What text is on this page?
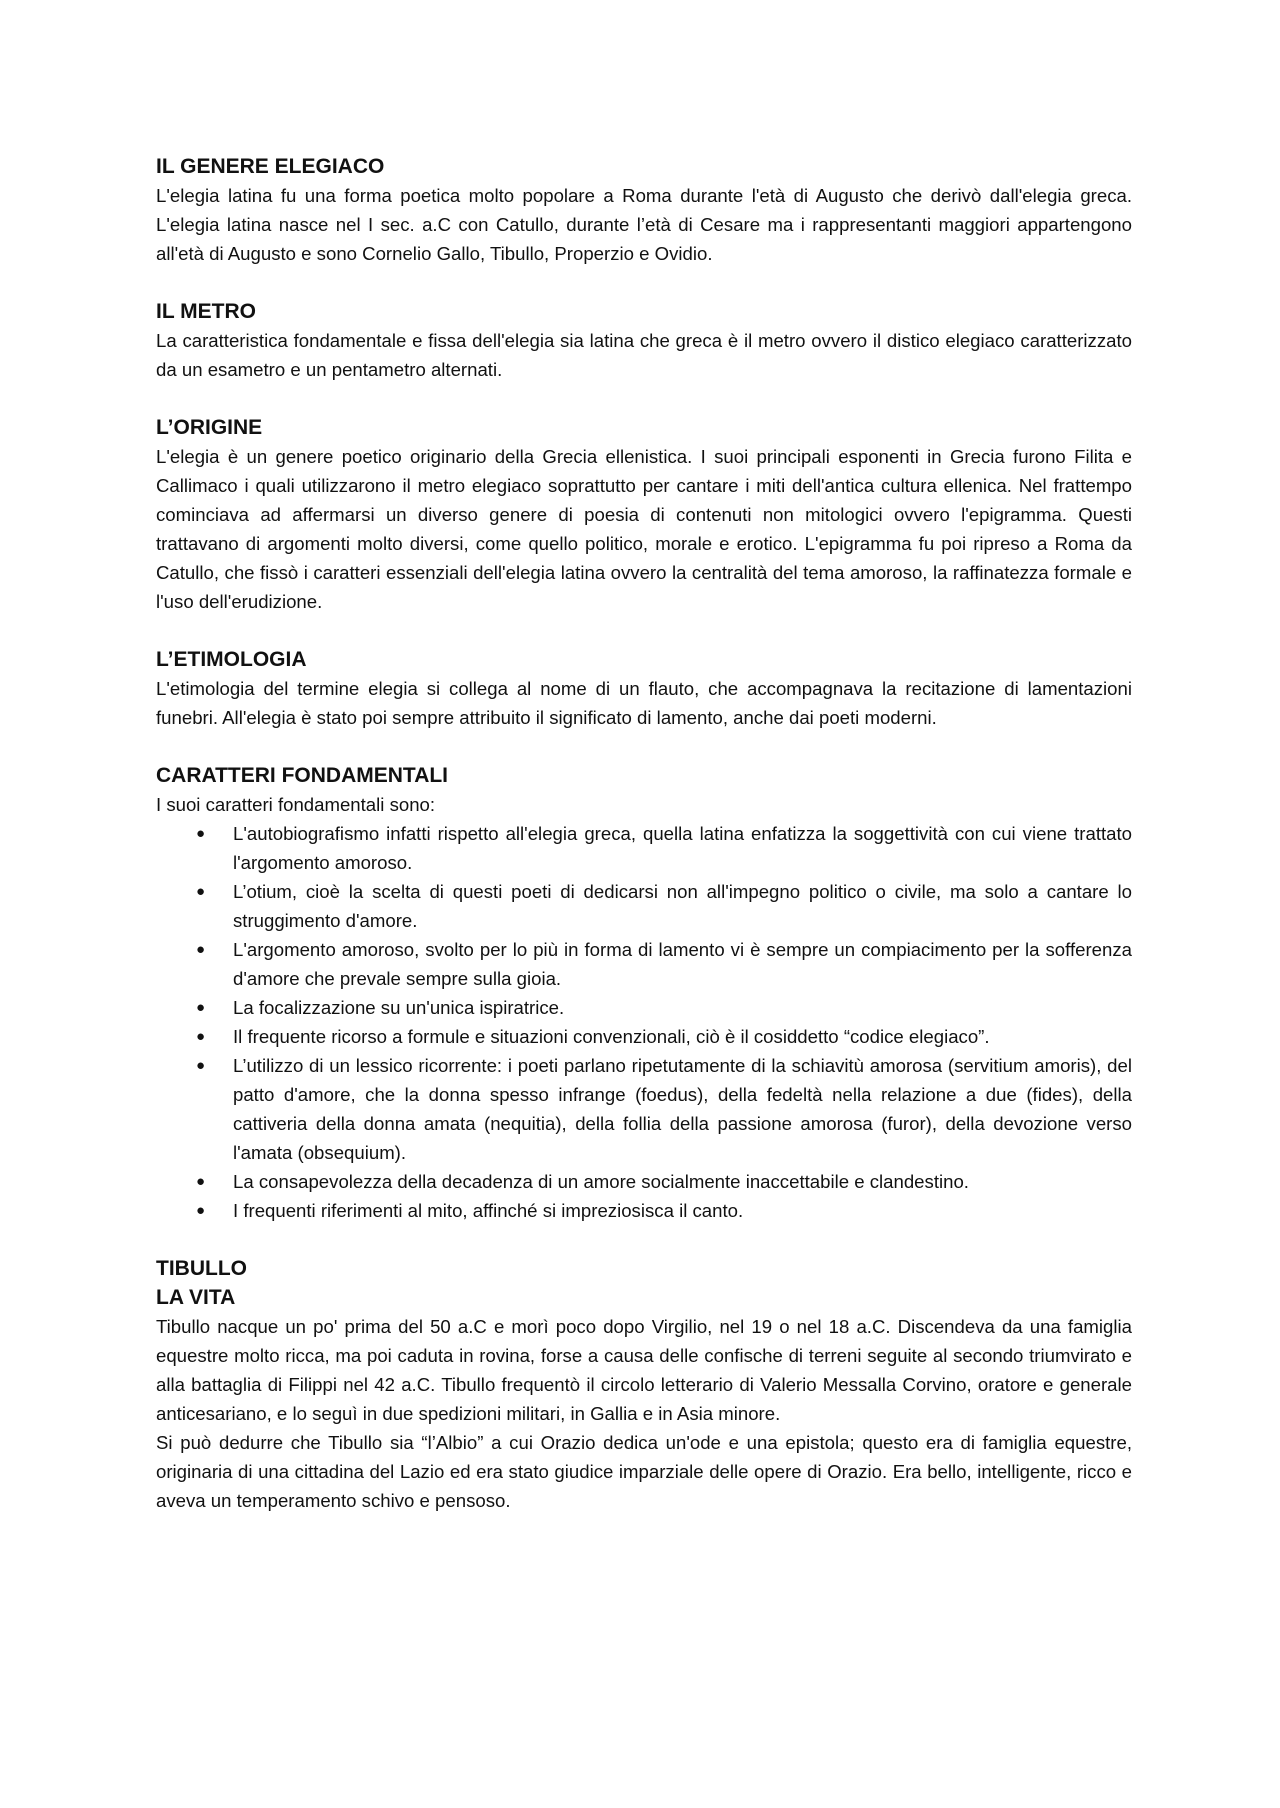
IL GENERE ELEGIACO

L'elegia latina fu una forma poetica molto popolare a Roma durante l'età di Augusto che derivò dall'elegia greca. L'elegia latina nasce nel I sec. a.C con Catullo, durante l’età di Cesare ma i rappresentanti maggiori appartengono all'età di Augusto e sono Cornelio Gallo, Tibullo, Properzio e Ovidio.

IL METRO

La caratteristica fondamentale e fissa dell'elegia sia latina che greca è il metro ovvero il distico elegiaco caratterizzato da un esametro e un pentametro alternati.

L’ORIGINE

L'elegia è un genere poetico originario della Grecia ellenistica. I suoi principali esponenti in Grecia furono Filita e Callimaco i quali utilizzarono il metro elegiaco soprattutto per cantare i miti dell'antica cultura ellenica. Nel frattempo cominciava ad affermarsi un diverso genere di poesia di contenuti non mitologici ovvero l'epigramma. Questi trattavano di argomenti molto diversi, come quello politico, morale e erotico. L'epigramma fu poi ripreso a Roma da Catullo, che fissò i caratteri essenziali dell'elegia latina ovvero la centralità del tema amoroso, la raffinatezza formale e l'uso dell'erudizione.

L’ETIMOLOGIA

L'etimologia del termine elegia si collega al nome di un flauto, che accompagnava la recitazione di lamentazioni funebri. All'elegia è stato poi sempre attribuito il significato di lamento, anche dai poeti moderni.

CARATTERI FONDAMENTALI

I suoi caratteri fondamentali sono:

● L'autobiografismo infatti rispetto all'elegia greca, quella latina enfatizza la soggettività con cui viene trattato l'argomento amoroso.
● L’otium, cioè la scelta di questi poeti di dedicarsi non all'impegno politico o civile, ma solo a cantare lo struggimento d'amore.
● L'argomento amoroso, svolto per lo più in forma di lamento vi è sempre un compiacimento per la sofferenza d'amore che prevale sempre sulla gioia.
● La focalizzazione su un'unica ispiratrice.
● Il frequente ricorso a formule e situazioni convenzionali, ciò è il cosiddetto “codice elegiaco”.
● L’utilizzo di un lessico ricorrente: i poeti parlano ripetutamente di la schiavitù amorosa (servitium amoris), del patto d'amore, che la donna spesso infrange (foedus), della fedeltà nella relazione a due (fides), della cattiveria della donna amata (nequitia), della follia della passione amorosa (furor), della devozione verso l'amata (obsequium).
● La consapevolezza della decadenza di un amore socialmente inaccettabile e clandestino.
● I frequenti riferimenti al mito, affinché si impreziosisca il canto.
TIBULLO
LA VITA

Tibullo nacque un po' prima del 50 a.C e morì poco dopo Virgilio, nel 19 o nel 18 a.C. Discendeva da una famiglia equestre molto ricca, ma poi caduta in rovina, forse a causa delle confische di terreni seguite al secondo triumvirato e alla battaglia di Filippi nel 42 a.C. Tibullo frequentò il circolo letterario di Valerio Messalla Corvino, oratore e generale anticesariano, e lo seguì in due spedizioni militari, in Gallia e in Asia minore.

Si può dedurre che Tibullo sia “l’Albio” a cui Orazio dedica un'ode e una epistola; questo era di famiglia equestre, originaria di una cittadina del Lazio ed era stato giudice imparziale delle opere di Orazio. Era bello, intelligente, ricco e aveva un temperamento schivo e pensoso.
